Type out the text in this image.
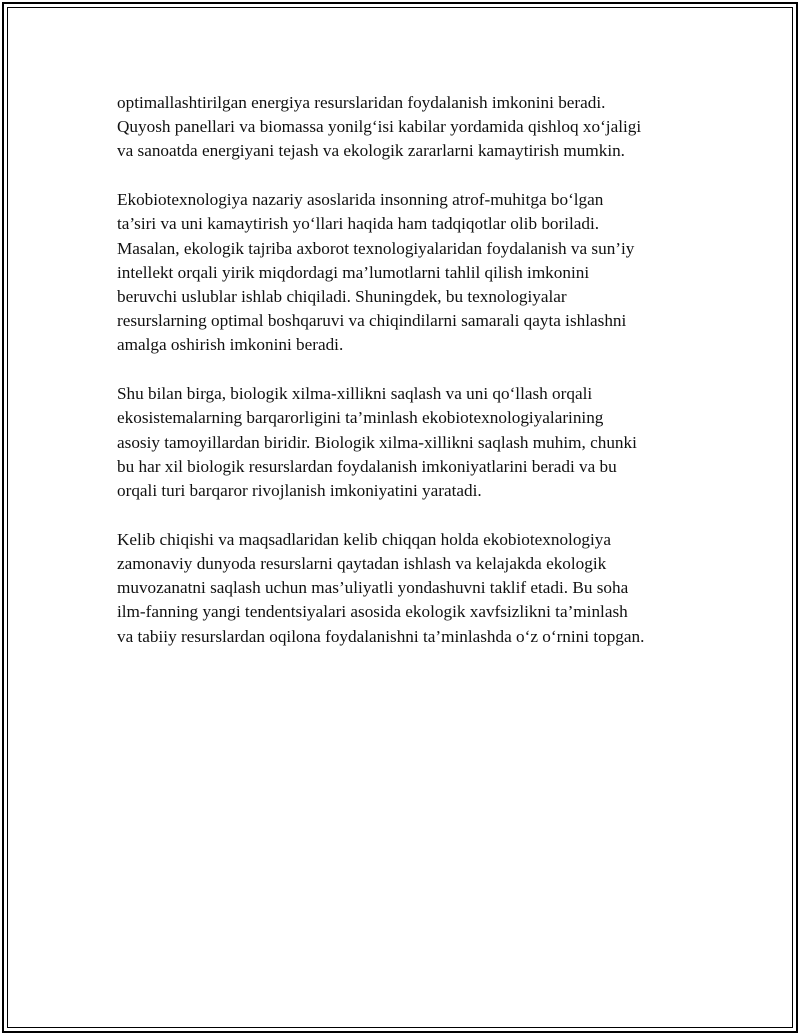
optimallashtirilgan energiya resurslaridan foydalanish imkonini beradi.
Quyosh panellari va biomassa yonilg‘isi kabilar yordamida qishloq xo‘jaligi
va sanoatda energiyani tejash va ekologik zararlarni kamaytirish mumkin.

Ekobiotexnologiya nazariy asoslarida insonning atrof-muhitga bo‘lgan
ta’siri va uni kamaytirish yo‘llari haqida ham tadqiqotlar olib boriladi.
Masalan, ekologik tajriba axborot texnologiyalaridan foydalanish va sun’iy
intellekt orqali yirik miqdordagi ma’lumotlarni tahlil qilish imkonini
beruvchi uslublar ishlab chiqiladi. Shuningdek, bu texnologiyalar
resurslarning optimal boshqaruvi va chiqindilarni samarali qayta ishlashni
amalga oshirish imkonini beradi.

Shu bilan birga, biologik xilma-xillikni saqlash va uni qo‘llash orqali
ekosistemalarning barqarorligini ta’minlash ekobiotexnologiyalarining
asosiy tamoyillardan biridir. Biologik xilma-xillikni saqlash muhim, chunki
bu har xil biologik resurslardan foydalanish imkoniyatlarini beradi va bu
orqali turi barqaror rivojlanish imkoniyatini yaratadi.

Kelib chiqishi va maqsadlaridan kelib chiqqan holda ekobiotexnologiya
zamonaviy dunyoda resurslarni qaytadan ishlash va kelajakda ekologik
muvozanatni saqlash uchun mas’uliyatli yondashuvni taklif etadi. Bu soha
ilm-fanning yangi tendentsiyalari asosida ekologik xavfsizlikni ta’minlash
va tabiiy resurslardan oqilona foydalanishni ta’minlashda o‘z o‘rnini topgan.
